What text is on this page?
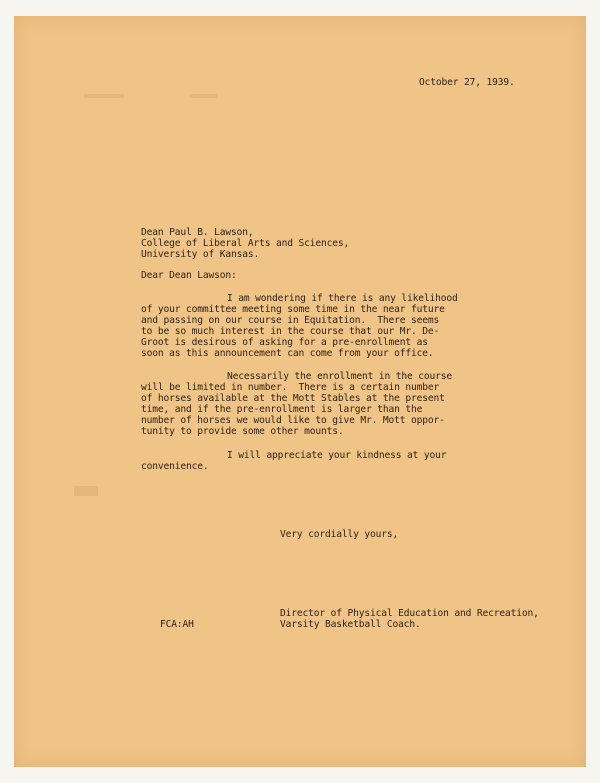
October 27, 1939.
Dean Paul B. Lawson,
College of Liberal Arts and Sciences,
University of Kansas.
Dear Dean Lawson:
I am wondering if there is any likelihood
of your committee meeting some time in the near future
and passing on our course in Equitation.  There seems
to be so much interest in the course that our Mr. De-
Groot is desirous of asking for a pre-enrollment as
soon as this announcement can come from your office.
Necessarily the enrollment in the course
will be limited in number.  There is a certain number
of horses available at the Mott Stables at the present
time, and if the pre-enrollment is larger than the
number of horses we would like to give Mr. Mott oppor-
tunity to provide some other mounts.
I will appreciate your kindness at your
convenience.
Very cordially yours,
Director of Physical Education and Recreation,
Varsity Basketball Coach.
FCA:AH
